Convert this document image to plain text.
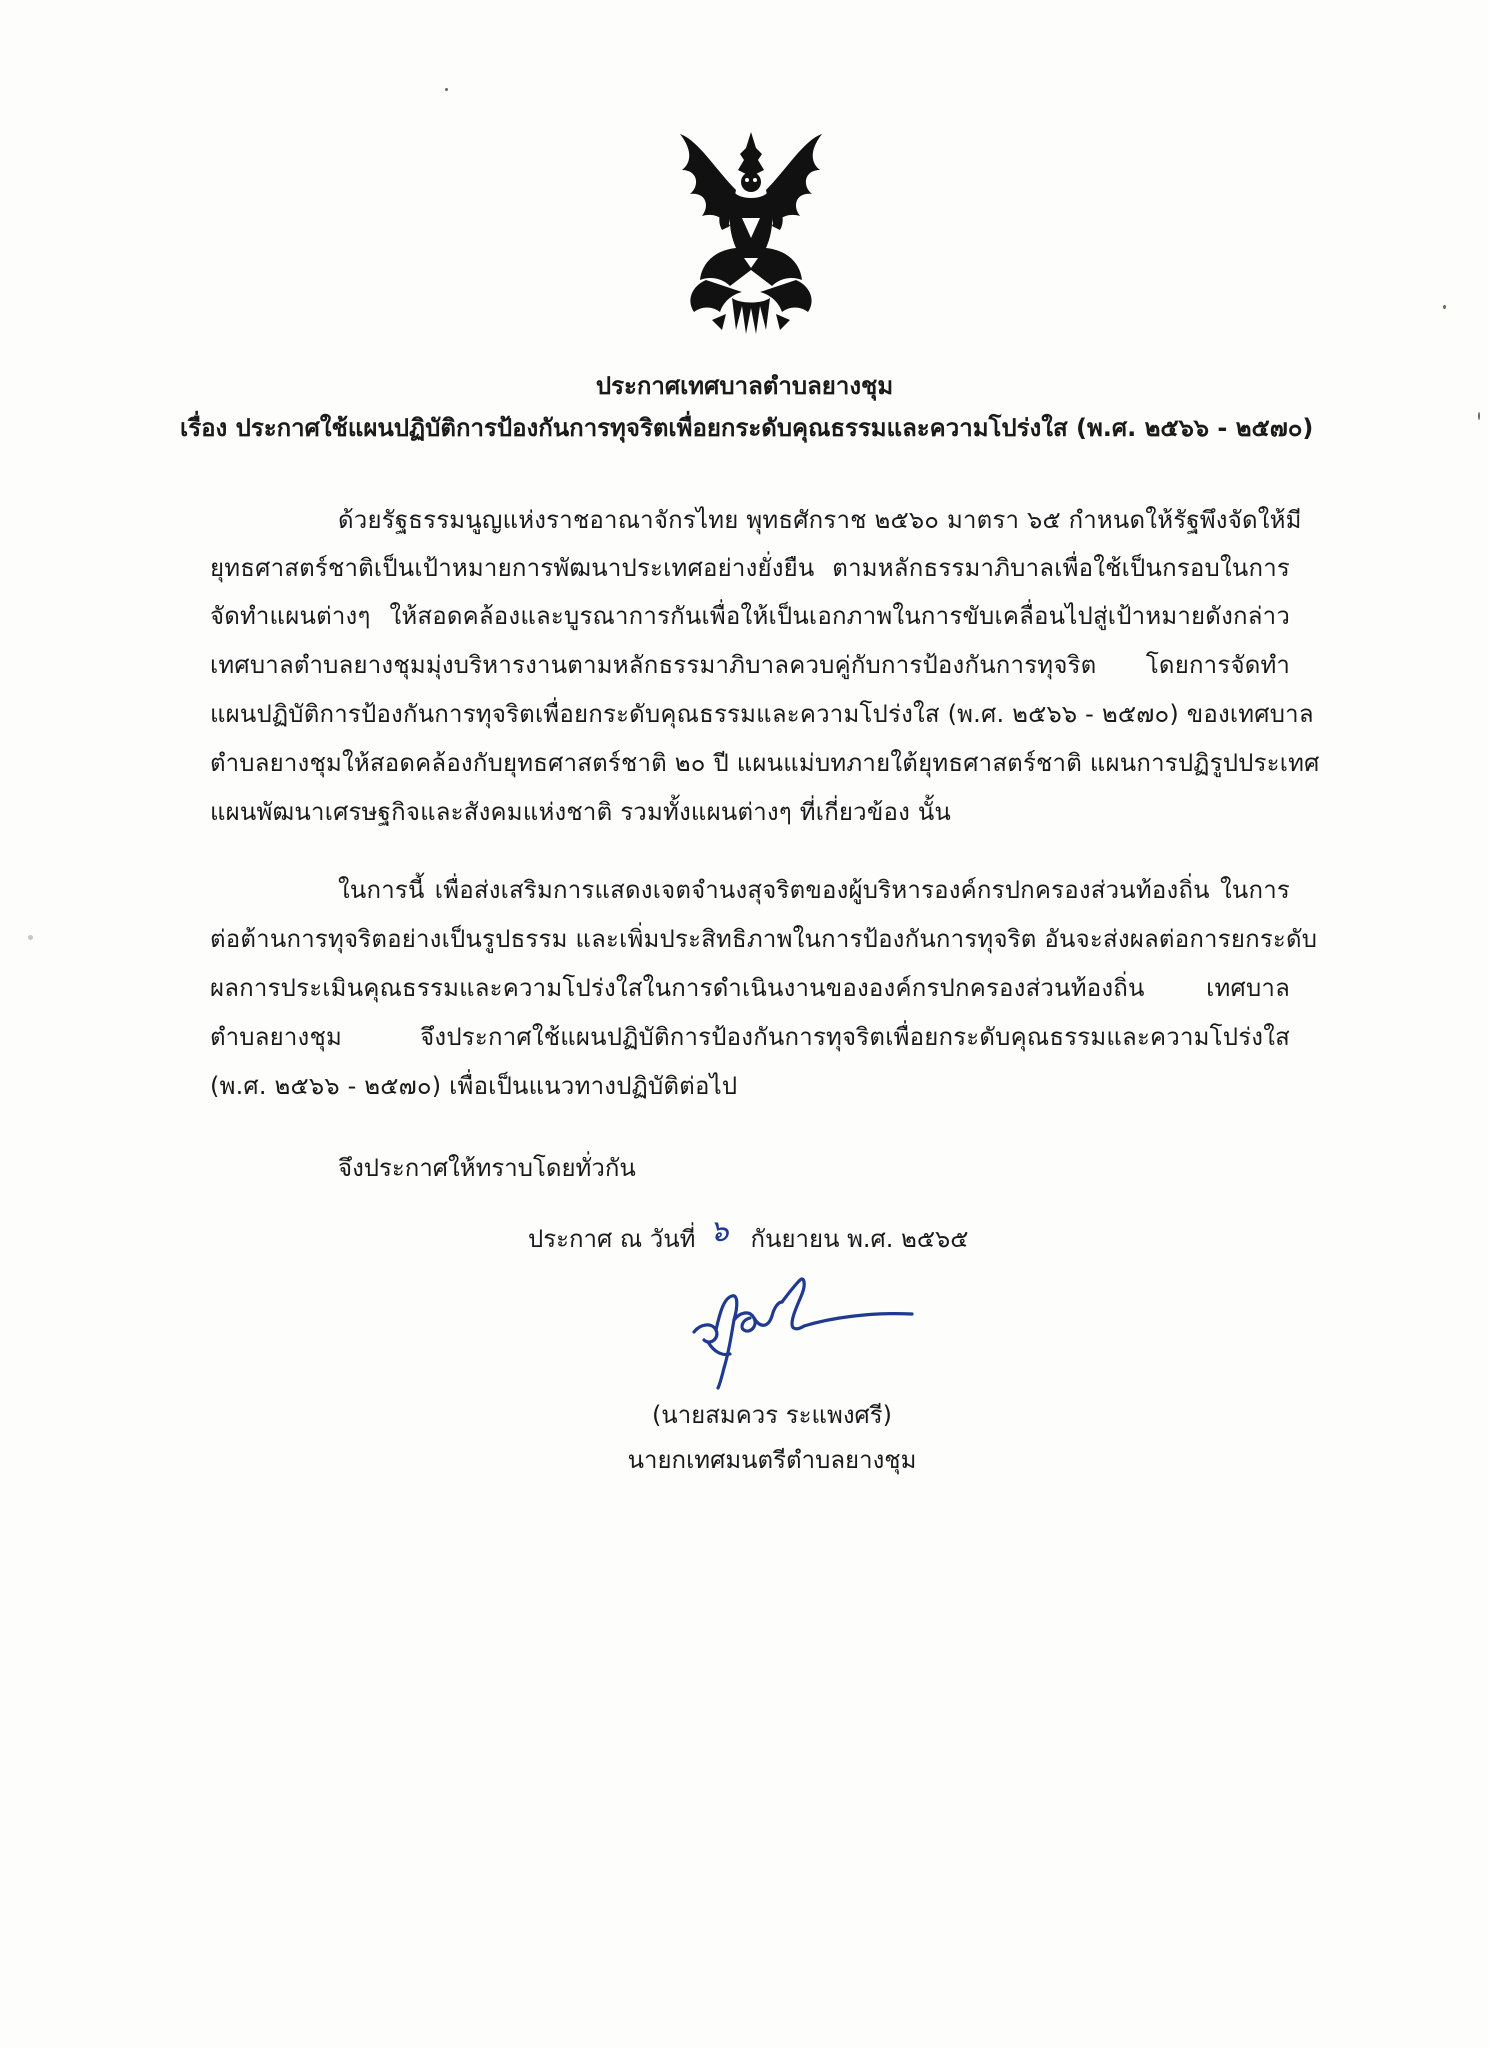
ประกาศเทศบาลตำบลยางชุม
เรื่อง ประกาศใช้แผนปฏิบัติการป้องกันการทุจริตเพื่อยกระดับคุณธรรมและความโปร่งใส (พ.ศ. ๒๕๖๖ - ๒๕๗๐)
ด้วยรัฐธรรมนูญแห่งราชอาณาจักรไทย พุทธศักราช ๒๕๖๐ มาตรา ๖๕ กำหนดให้รัฐพึงจัดให้มี
ยุทธศาสตร์ชาติเป็นเป้าหมายการพัฒนาประเทศอย่างยั่งยืน ตามหลักธรรมาภิบาลเพื่อใช้เป็นกรอบในการ
จัดทำแผนต่างๆ ให้สอดคล้องและบูรณาการกันเพื่อให้เป็นเอกภาพในการขับเคลื่อนไปสู่เป้าหมายดังกล่าว
เทศบาลตำบลยางชุมมุ่งบริหารงานตามหลักธรรมาภิบาลควบคู่กับการป้องกันการทุจริต โดยการจัดทำ
แผนปฏิบัติการป้องกันการทุจริตเพื่อยกระดับคุณธรรมและความโปร่งใส (พ.ศ. ๒๕๖๖ - ๒๕๗๐) ของเทศบาล
ตำบลยางชุมให้สอดคล้องกับยุทธศาสตร์ชาติ ๒๐ ปี แผนแม่บทภายใต้ยุทธศาสตร์ชาติ แผนการปฏิรูปประเทศ
แผนพัฒนาเศรษฐกิจและสังคมแห่งชาติ รวมทั้งแผนต่างๆ ที่เกี่ยวข้อง นั้น
ในการนี้ เพื่อส่งเสริมการแสดงเจตจำนงสุจริตของผู้บริหารองค์กรปกครองส่วนท้องถิ่น ในการ
ต่อต้านการทุจริตอย่างเป็นรูปธรรม และเพิ่มประสิทธิภาพในการป้องกันการทุจริต อันจะส่งผลต่อการยกระดับ
ผลการประเมินคุณธรรมและความโปร่งใสในการดำเนินงานขององค์กรปกครองส่วนท้องถิ่น เทศบาล
ตำบลยางชุม จึงประกาศใช้แผนปฏิบัติการป้องกันการทุจริตเพื่อยกระดับคุณธรรมและความโปร่งใส
(พ.ศ. ๒๕๖๖ - ๒๕๗๐) เพื่อเป็นแนวทางปฏิบัติต่อไป
จึงประกาศให้ทราบโดยทั่วกัน
ประกาศ ณ วันที่ ๖ กันยายน พ.ศ. ๒๕๖๕
(นายสมควร ระแพงศรี)
นายกเทศมนตรีตำบลยางชุม
